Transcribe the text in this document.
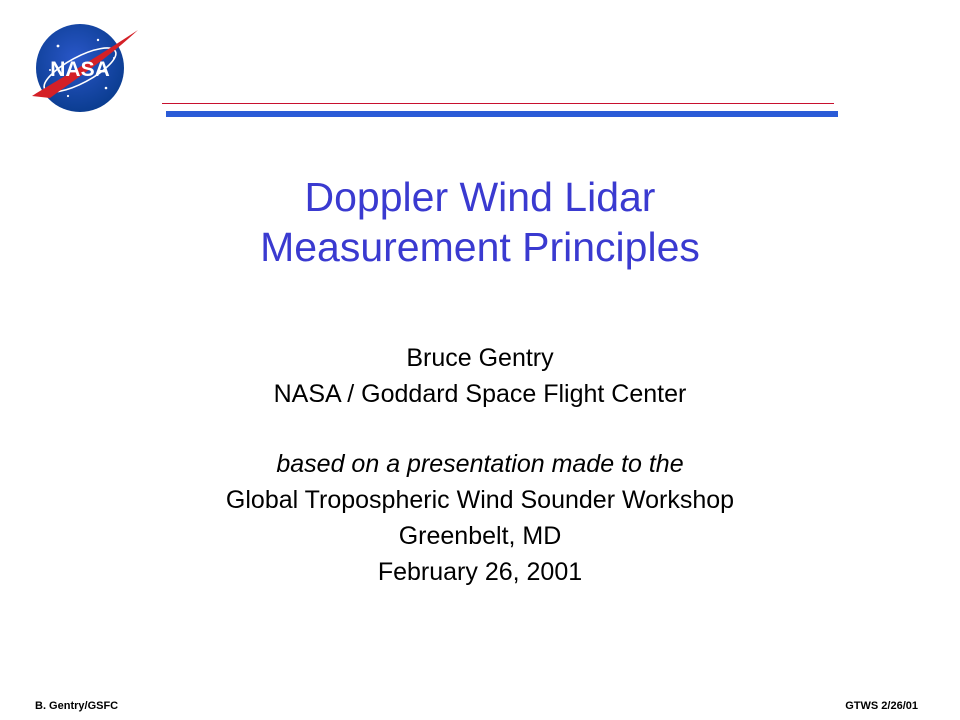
NASA
Doppler Wind Lidar
Measurement Principles
Bruce Gentry
NASA / Goddard Space Flight Center
based on a presentation made to the
Global Tropospheric Wind Sounder Workshop
Greenbelt, MD
February 26, 2001
B. Gentry/GSFC	GTWS 2/26/01
